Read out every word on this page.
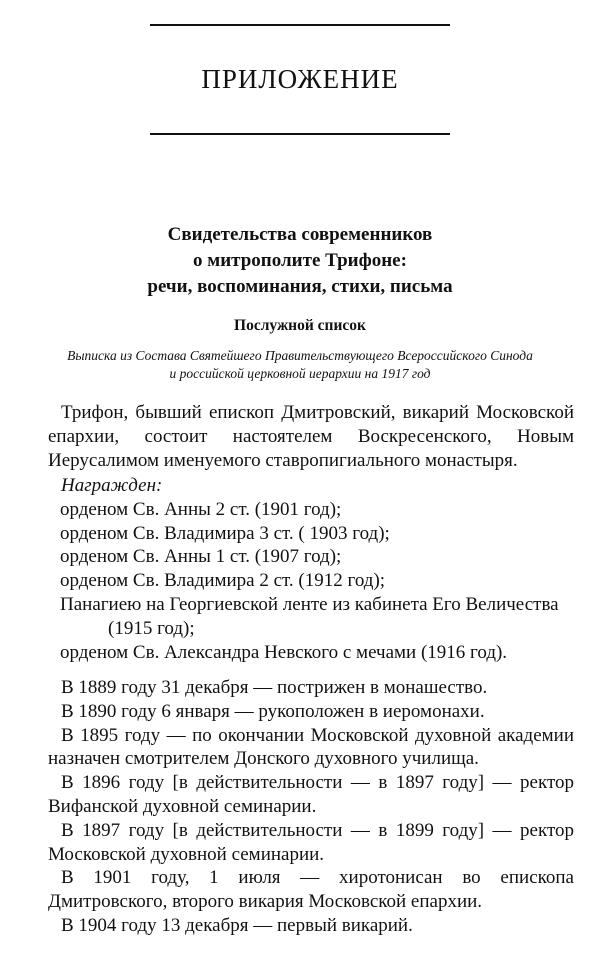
ПРИЛОЖЕНИЕ
Свидетельства современников
о митрополите Трифоне:
речи, воспоминания, стихи, письма
Послужной список
Выписка из Состава Святейшего Правительствующего Всероссийского Синода
и российской церковной иерархии на 1917 год

Трифон, бывший епископ Дмитровский, викарий Московской епархии, состоит настоятелем Воскресенского, Новым Иерусалимом именуемого ставропигиального монастыря.

Награжден:
орденом Св. Анны 2 ст. (1901 год);
орденом Св. Владимира 3 ст. ( 1903 год);
орденом Св. Анны 1 ст. (1907 год);
орденом Св. Владимира 2 ст. (1912 год);
Панагиею на Георгиевской ленте из кабинета Его Величества (1915 год);
орденом Св. Александра Невского с мечами (1916 год).

В 1889 году 31 декабря — пострижен в монашество.

В 1890 году 6 января — рукоположен в иеромонахи.

В 1895 году — по окончании Московской духовной академии назначен смотрителем Донского духовного училища.

В 1896 году [в действительности — в 1897 году] — ректор Вифанской духовной семинарии.

В 1897 году [в действительности — в 1899 году] — ректор Московской духовной семинарии.

В 1901 году, 1 июля — хиротонисан во епископа Дмитровского, второго викария Московской епархии.

В 1904 году 13 декабря — первый викарий.
